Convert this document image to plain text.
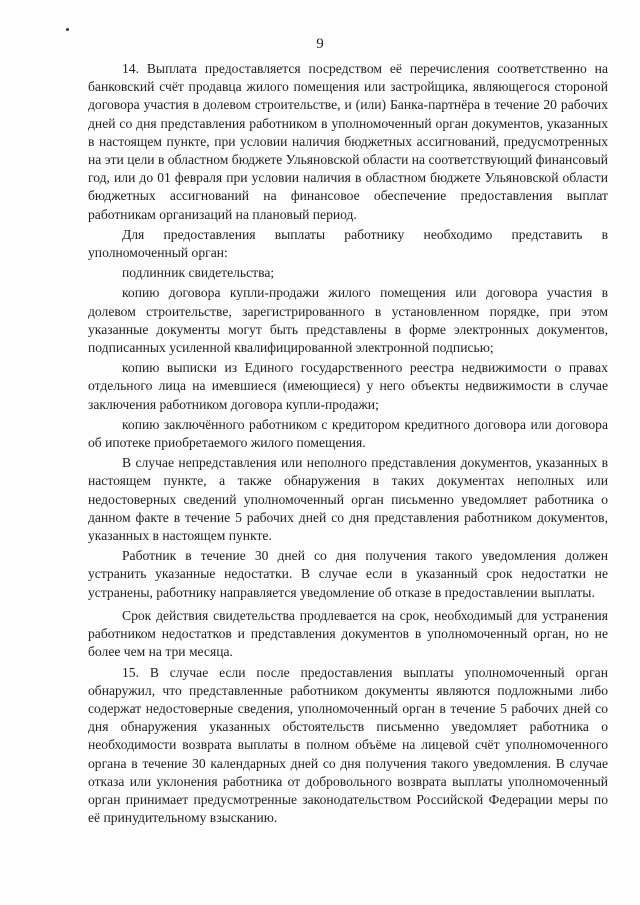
9

14. Выплата предоставляется посредством её перечисления соответственно на банковский счёт продавца жилого помещения или застройщика, являющегося стороной договора участия в долевом строительстве, и (или) Банка-партнёра в течение 20 рабочих дней со дня представления работником в уполномоченный орган документов, указанных в настоящем пункте, при условии наличия бюджетных ассигнований, предусмотренных на эти цели в областном бюджете Ульяновской области на соответствующий финансовый год, или до 01 февраля при условии наличия в областном бюджете Ульяновской области бюджетных ассигнований на финансовое обеспечение предоставления выплат работникам организаций на плановый период.

Для предоставления выплаты работнику необходимо представить в уполномоченный орган:

подлинник свидетельства;

копию договора купли-продажи жилого помещения или договора участия в долевом строительстве, зарегистрированного в установленном порядке, при этом указанные документы могут быть представлены в форме электронных документов, подписанных усиленной квалифицированной электронной подписью;

копию выписки из Единого государственного реестра недвижимости о правах отдельного лица на имевшиеся (имеющиеся) у него объекты недвижимости в случае заключения работником договора купли-продажи;

копию заключённого работником с кредитором кредитного договора или договора об ипотеке приобретаемого жилого помещения.

В случае непредставления или неполного представления документов, указанных в настоящем пункте, а также обнаружения в таких документах неполных или недостоверных сведений уполномоченный орган письменно уведомляет работника о данном факте в течение 5 рабочих дней со дня представления работником документов, указанных в настоящем пункте.

Работник в течение 30 дней со дня получения такого уведомления должен устранить указанные недостатки. В случае если в указанный срок недостатки не устранены, работнику направляется уведомление об отказе в предоставлении выплаты.

Срок действия свидетельства продлевается на срок, необходимый для устранения работником недостатков и представления документов в уполномоченный орган, но не более чем на три месяца.

15. В случае если после предоставления выплаты уполномоченный орган обнаружил, что представленные работником документы являются подложными либо содержат недостоверные сведения, уполномоченный орган в течение 5 рабочих дней со дня обнаружения указанных обстоятельств письменно уведомляет работника о необходимости возврата выплаты в полном объёме на лицевой счёт уполномоченного органа в течение 30 календарных дней со дня получения такого уведомления. В случае отказа или уклонения работника от добровольного возврата выплаты уполномоченный орган принимает предусмотренные законодательством Российской Федерации меры по её принудительному взысканию.
